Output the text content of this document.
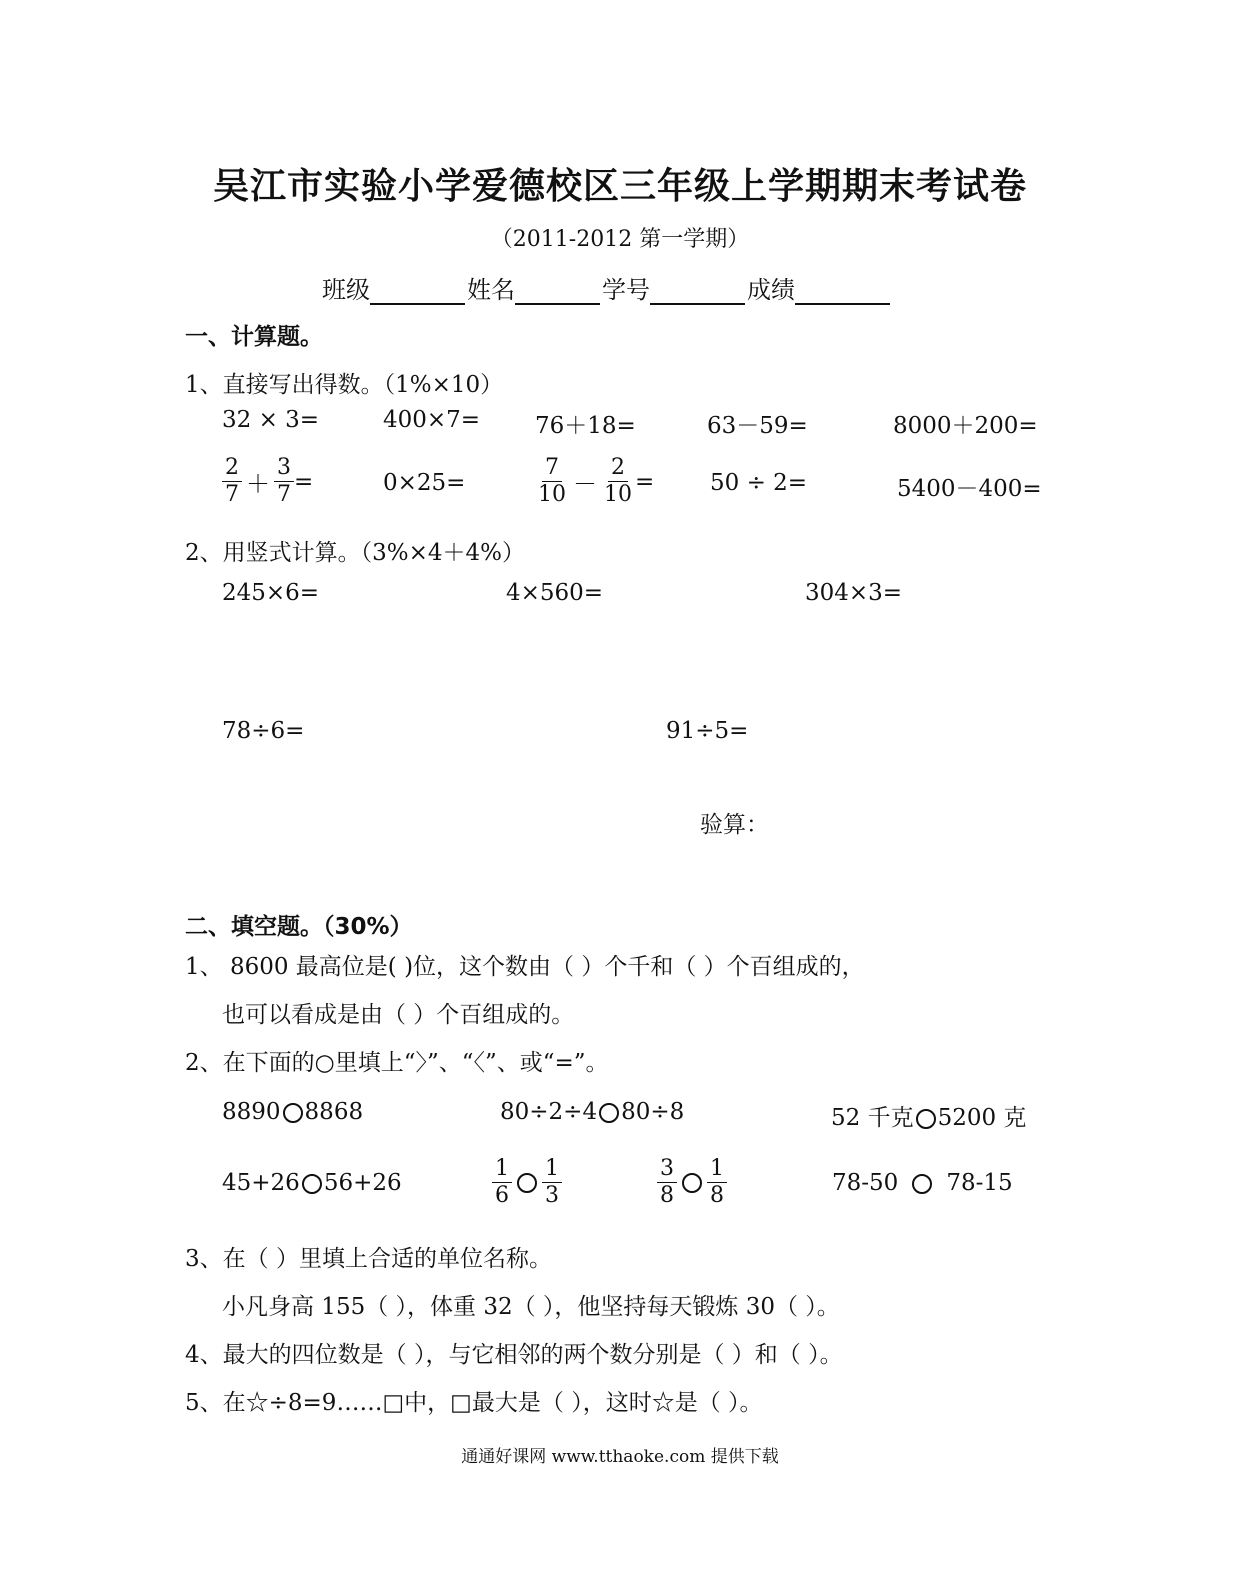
吴江市实验小学爱德校区三年级上学期期末考试卷
（2011-2012 第一学期）
班级	姓名	学号	成绩
一、计算题。
1、直接写出得数。（1%×10）
32 × 3=	400×7= 76＋18=	63－59=	8000＋200=
$\frac{2}{7} + \frac{3}{7}$ =	0×25=	$\frac{7}{10} - \frac{2}{10} = 50 \div 2=$	5400－400=
2、用竖式计算。（3%×4＋4%）
245×6=	4×560=	304×3=
78÷6=	91÷5=
验算：
二、填空题。（30%）
1、 8600 最高位是( )位，这个数由（ ）个千和（ ）个百组成的，
也可以看成是由（ ）个百组成的。
2、在下面的○里填上“〉”、“〈”、或“=”。
8890 8868	80÷2÷4 80÷8	52 千克 5200 克
45+26 56+26	$\frac{1}{6} \frac{1}{3}$	$\frac{3}{8} \frac{1}{8}$	78-50 78-15
3、在（ ）里填上合适的单位名称。
小凡身高 155（ ），体重 32（ ），他坚持每天锻炼 30（ ）。
4、最大的四位数是（ ），与它相邻的两个数分别是（ ）和（ ）。
5、在☆÷8=9……□中，□最大是（ ），这时☆是（ ）。
通通好课网 www.tthaoke.com 提供下载
